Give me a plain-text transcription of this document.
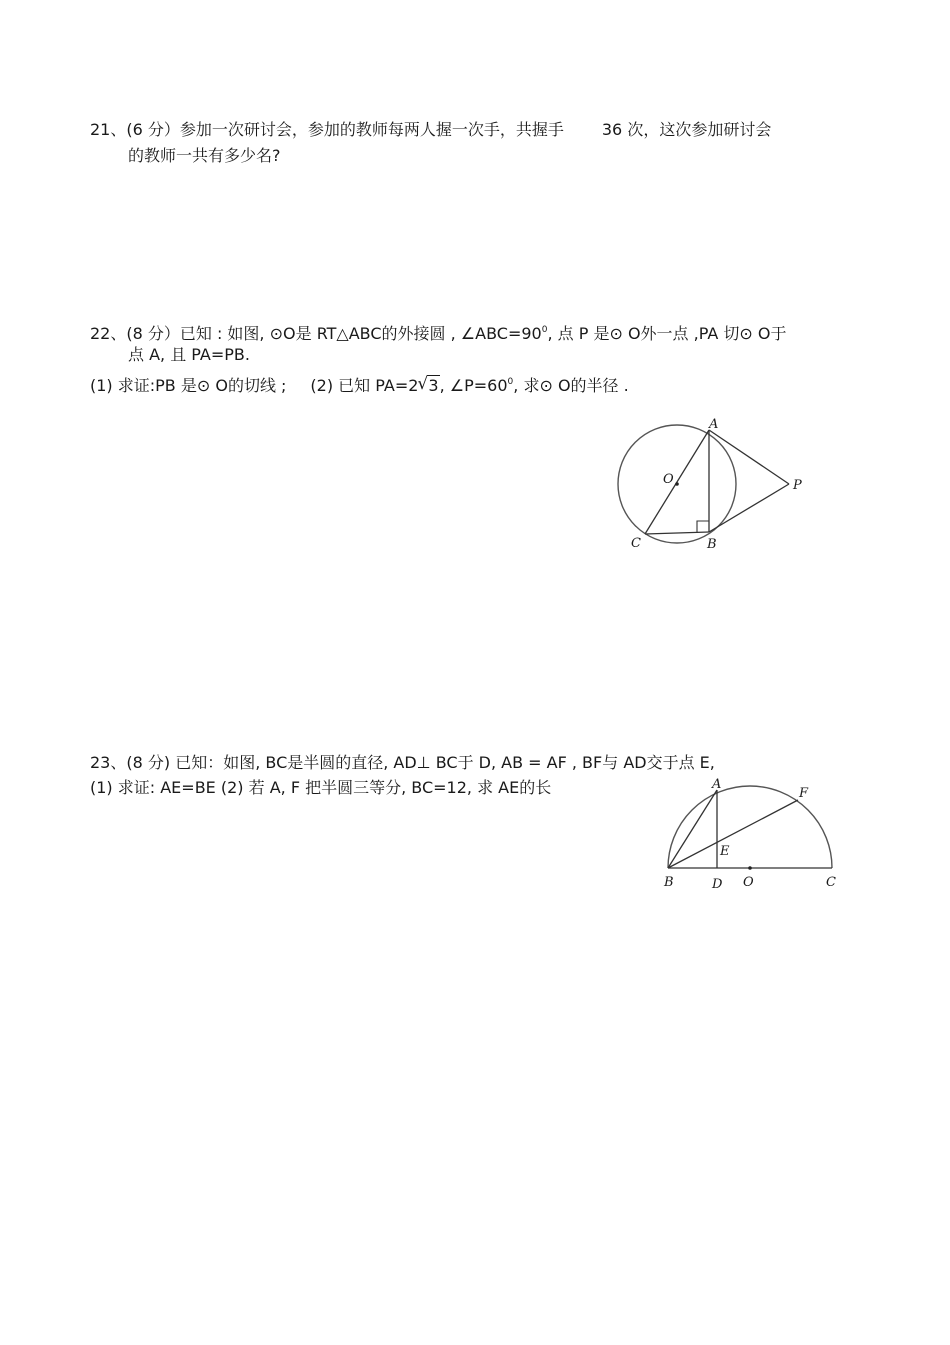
21、(6 分）参加一次研讨会，参加的教师每两人握一次手，共握手 36 次，这次参加研讨会
的教师一共有多少名?
22、(8 分）已知 : 如图, ⊙O是 RT△ABC的外接圆 , $\angle ABC=90^0$, 点 P 是⊙ O外一点 ,PA 切⊙ O于
点 A, 且 PA=PB.
(1) 求证:PB 是⊙ O的切线 ; (2) 已知 PA=2√ 3, $\angle P=60^0$, 求⊙ O的半径 .
A
O	P
C	B
23、(8 分) 已知：如图, BC是半圆的直径, AD⊥ BC于 D, AB = AF , BF与 AD交于点 E,
(1) 求证: AE=BE (2) 若 A, F 把半圆三等分, BC=12, 求 AE的长	A
F
E
B	D O	C
